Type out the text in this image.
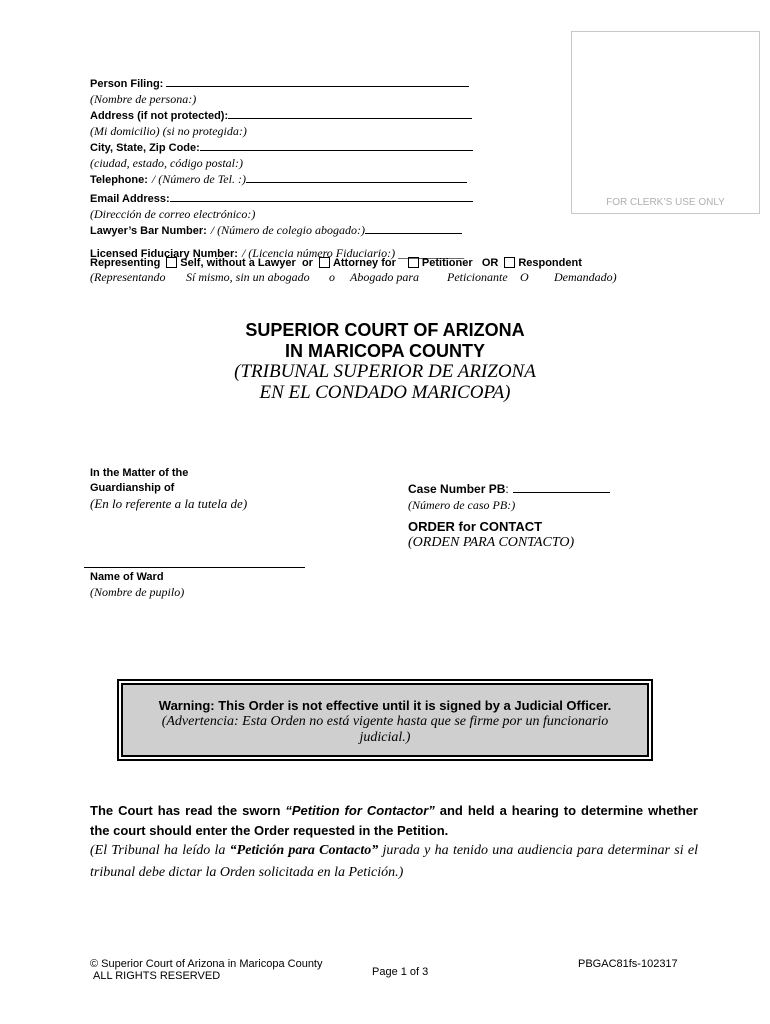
FOR CLERK’S USE ONLY
Person Filing:
(Nombre de persona:)
Address (if not protected):
(Mi domicilio) (si no protegida:)
City, State, Zip Code:
(ciudad, estado, código postal:)
Telephone: / (Número de Tel. :)
Email Address:
(Dirección de correo electrónico:)
Lawyer’s Bar Number: / (Número de colegio abogado:)
Licensed Fiduciary Number: / (Licencia número Fiduciario:) ___________
Representing Self, without a Lawyer or Attorney for Petitioner OR Respondent
(Representando Sí mismo, sin un abogado o Abogado para Peticionante O Demandado)
SUPERIOR COURT OF ARIZONA
IN MARICOPA COUNTY
(TRIBUNAL SUPERIOR DE ARIZONA
EN EL CONDADO MARICOPA)
In the Matter of the
Guardianship of
(En lo referente a la tutela de)
Case Number PB:
(Número de caso PB:)
ORDER for CONTACT
(ORDEN PARA CONTACTO)
Name of Ward
(Nombre de pupilo)
Warning: This Order is not effective until it is signed by a Judicial Officer.
(Advertencia: Esta Orden no está vigente hasta que se firme por un funcionario judicial.)
The Court has read the sworn “Petition for Contactor” and held a hearing to determine whether the court should enter the Order requested in the Petition.
(El Tribunal ha leído la “Petición para Contacto” jurada y ha tenido una audiencia para determinar si el tribunal debe dictar la Orden solicitada en la Petición.)
© Superior Court of Arizona in Maricopa County
ALL RIGHTS RESERVED	Page 1 of 3
PBGAC81fs-102317
